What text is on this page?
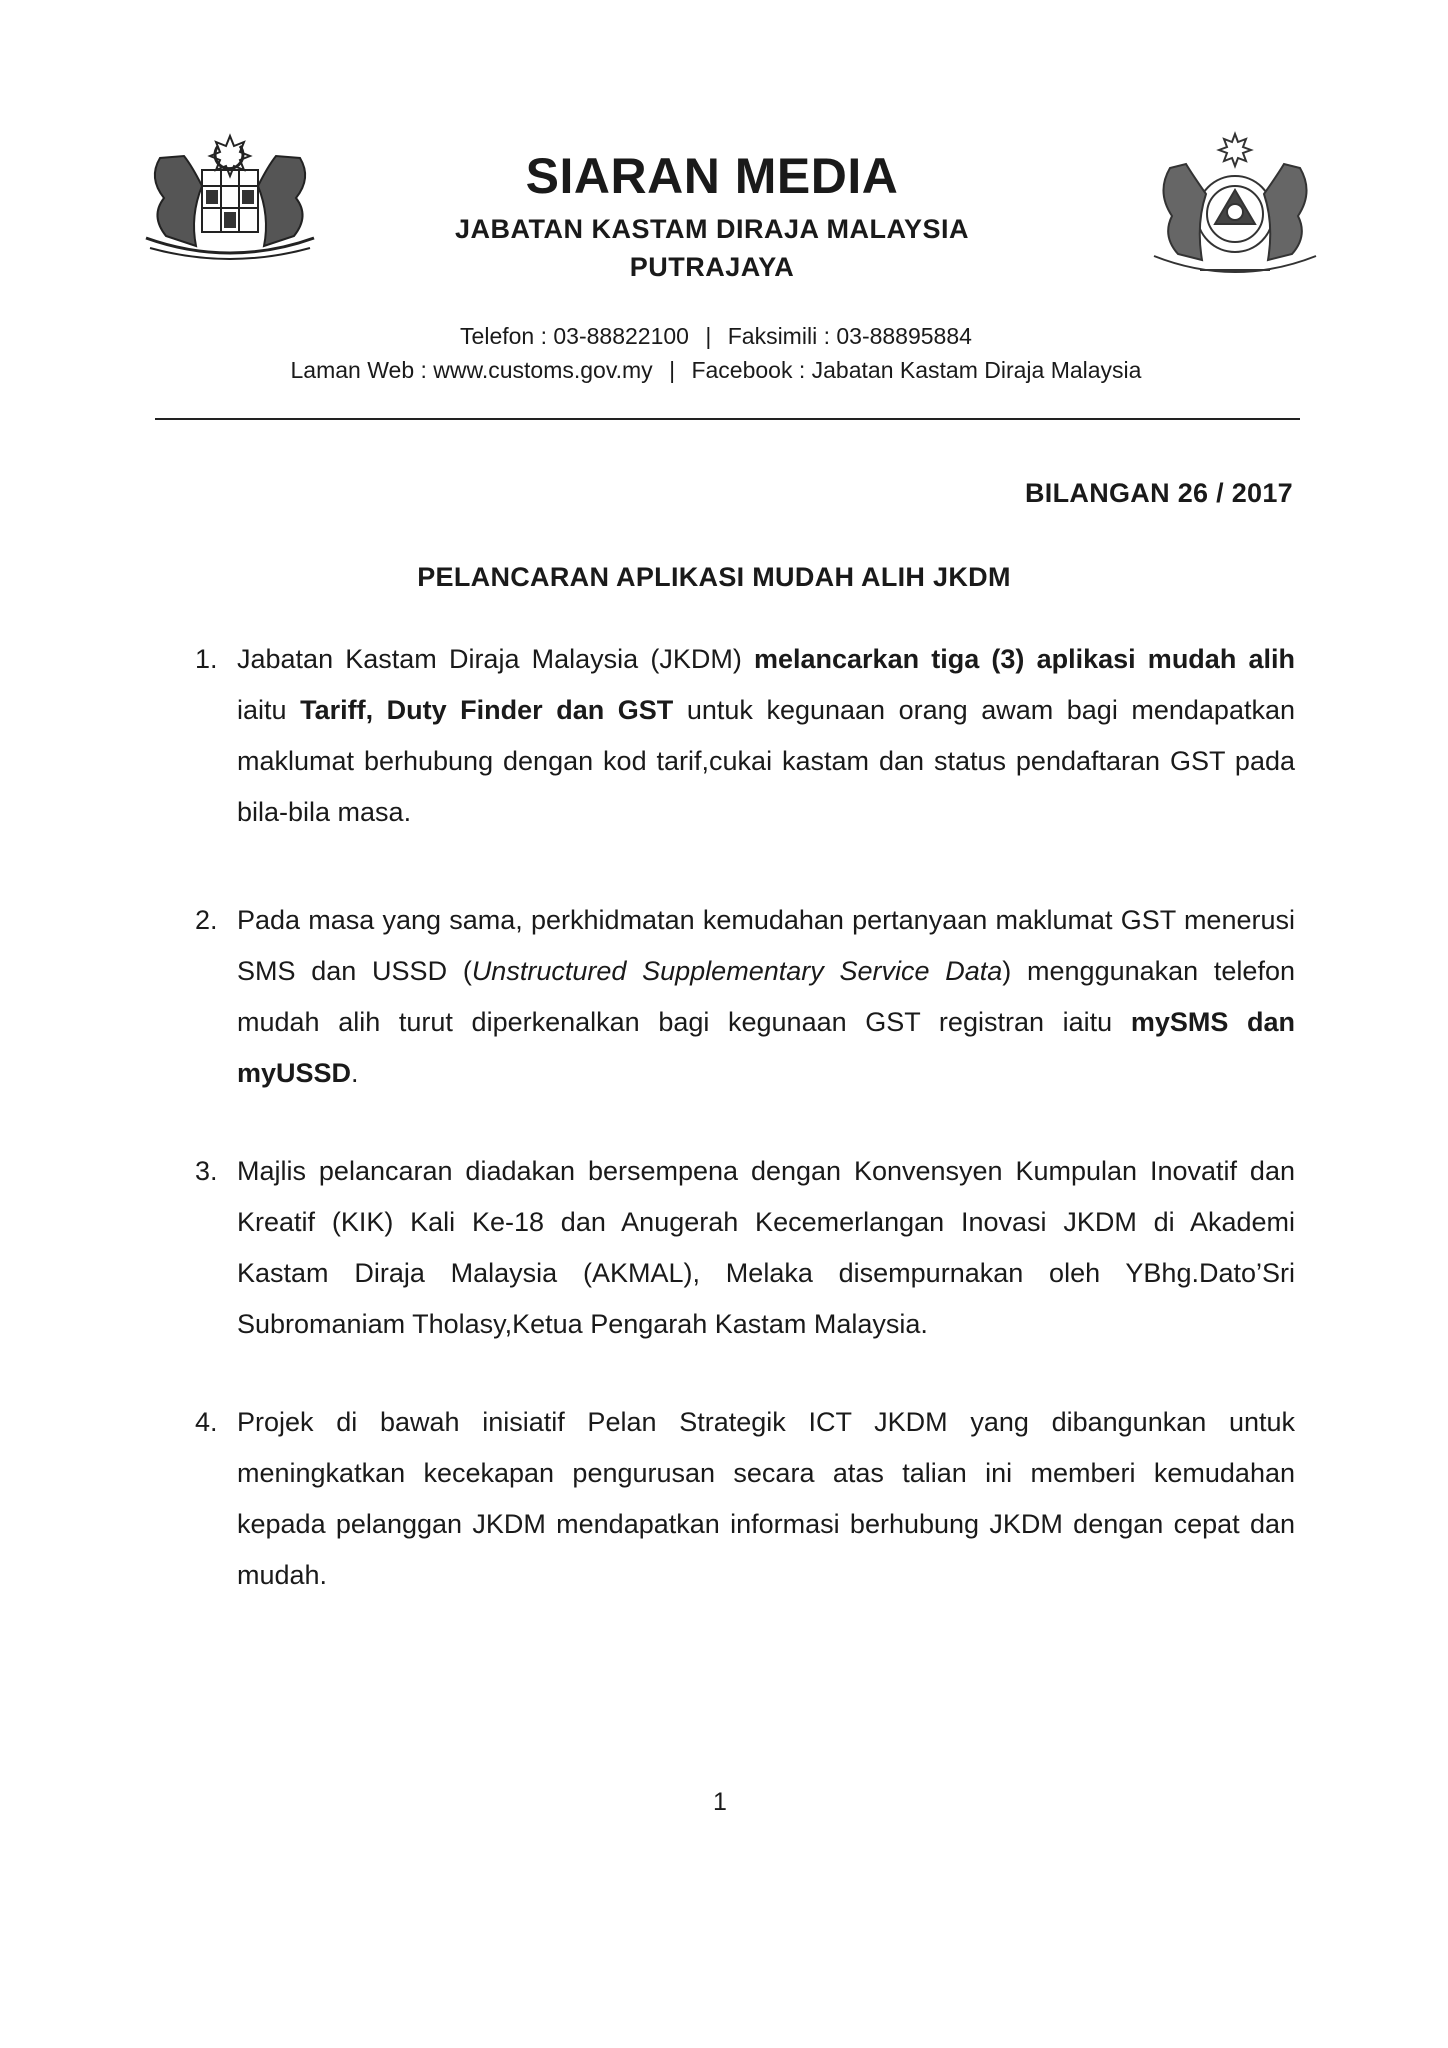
SIARAN MEDIA
JABATAN KASTAM DIRAJA MALAYSIA
PUTRAJAYA
Telefon : 03-88822100 | Faksimili : 03-88895884
Laman Web : www.customs.gov.my | Facebook : Jabatan Kastam Diraja Malaysia
BILANGAN 26 / 2017
PELANCARAN APLIKASI MUDAH ALIH JKDM
1. Jabatan Kastam Diraja Malaysia (JKDM) melancarkan tiga (3) aplikasi mudah alih iaitu Tariff, Duty Finder dan GST untuk kegunaan orang awam bagi mendapatkan maklumat berhubung dengan kod tarif,cukai kastam dan status pendaftaran GST pada bila-bila masa.
2. Pada masa yang sama, perkhidmatan kemudahan pertanyaan maklumat GST menerusi SMS dan USSD (Unstructured Supplementary Service Data) menggunakan telefon mudah alih turut diperkenalkan bagi kegunaan GST registran iaitu mySMS dan myUSSD.
3. Majlis pelancaran diadakan bersempena dengan Konvensyen Kumpulan Inovatif dan Kreatif (KIK) Kali Ke-18 dan Anugerah Kecemerlangan Inovasi JKDM di Akademi Kastam Diraja Malaysia (AKMAL), Melaka disempurnakan oleh YBhg.Dato’Sri Subromaniam Tholasy,Ketua Pengarah Kastam Malaysia.
4. Projek di bawah inisiatif Pelan Strategik ICT JKDM yang dibangunkan untuk meningkatkan kecekapan pengurusan secara atas talian ini memberi kemudahan kepada pelanggan JKDM mendapatkan informasi berhubung JKDM dengan cepat dan mudah.
1
